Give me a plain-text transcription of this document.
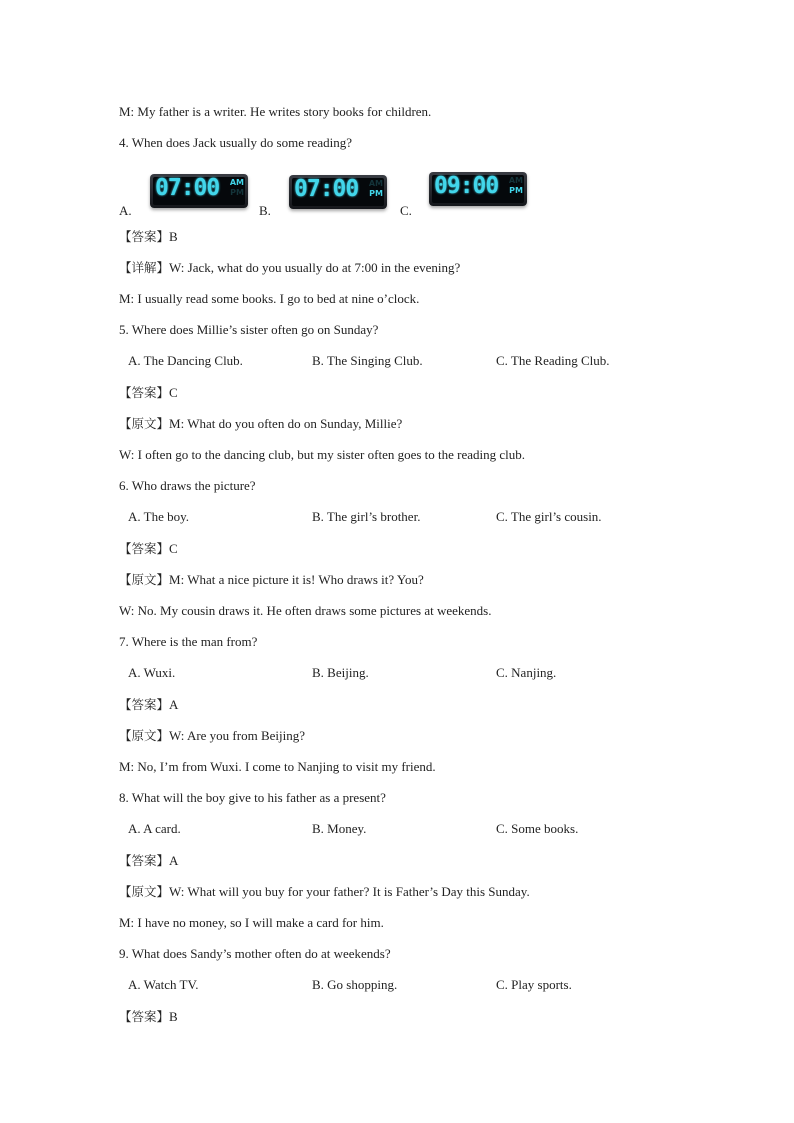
M: My father is a writer. He writes story books for children.
4. When does Jack usually do some reading?
A.
07:00 AM
PM
B.
07:00 AM
PM
C.
09:00 AM
PM
【答案】B
【详解】W: Jack, what do you usually do at 7:00 in the evening?
M: I usually read some books. I go to bed at nine o’clock.
5. Where does Millie’s sister often go on Sunday?
A. The Dancing Club.	B. The Singing Club.	C. The Reading Club.
【答案】C
【原文】M: What do you often do on Sunday, Millie?
W: I often go to the dancing club, but my sister often goes to the reading club.
6. Who draws the picture?
A. The boy.	B. The girl’s brother.	C. The girl’s cousin.
【答案】C
【原文】M: What a nice picture it is! Who draws it? You?
W: No. My cousin draws it. He often draws some pictures at weekends.
7. Where is the man from?
A. Wuxi.	B. Beijing.	C. Nanjing.
【答案】A
【原文】W: Are you from Beijing?
M: No, I’m from Wuxi. I come to Nanjing to visit my friend.
8. What will the boy give to his father as a present?
A. A card.	B. Money.	C. Some books.
【答案】A
【原文】W: What will you buy for your father? It is Father’s Day this Sunday.
M: I have no money, so I will make a card for him.
9. What does Sandy’s mother often do at weekends?
A. Watch TV.	B. Go shopping.	C. Play sports.
【答案】B
